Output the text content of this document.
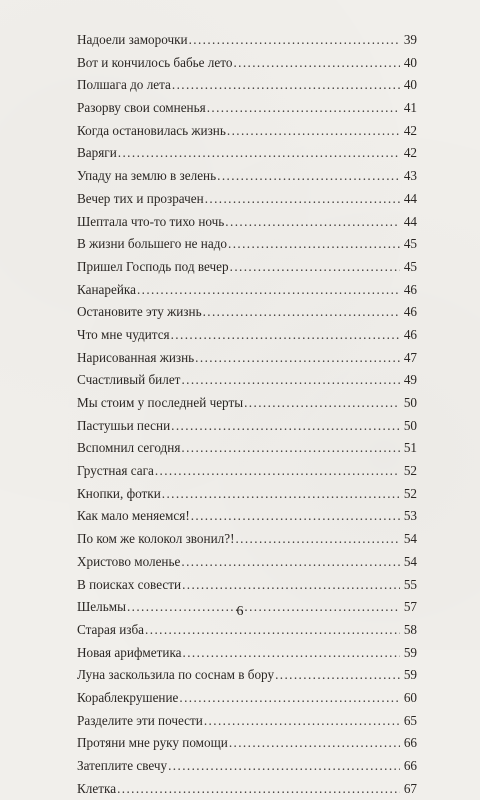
Надоели заморочки .....	39
Вот и кончилось бабье лето .....	40
Полшага до лета .....	40
Разорву свои сомненья .....	41
Когда остановилась жизнь .....	42
Варяги .....	42
Упаду на землю в зелень .....	43
Вечер тих и прозрачен .....	44
Шептала что-то тихо ночь .....	44
В жизни большего не надо .....	45
Пришел Господь под вечер .....	45
Канарейка .....	46
Остановите эту жизнь .....	46
Что мне чудится .....	46
Нарисованная жизнь .....	47
Счастливый билет .....	49
Мы стоим у последней черты .....	50
Пастушьи песни .....	50
Вспомнил сегодня .....	51
Грустная сага .....	52
Кнопки, фотки .....	52
Как мало меняемся! .....	53
По ком же колокол звонил?! .....	54
Христово моленье .....	54
В поисках совести .....	55
Шельмы .....	57
Старая изба .....	58
Новая арифметика .....	59
Луна заскользила по соснам в бору .....	59
Кораблекрушение .....	60
Разделите эти почести .....	65
Протяни мне руку помощи .....	66
Затеплите свечу .....	66
Клетка .....	67
6
